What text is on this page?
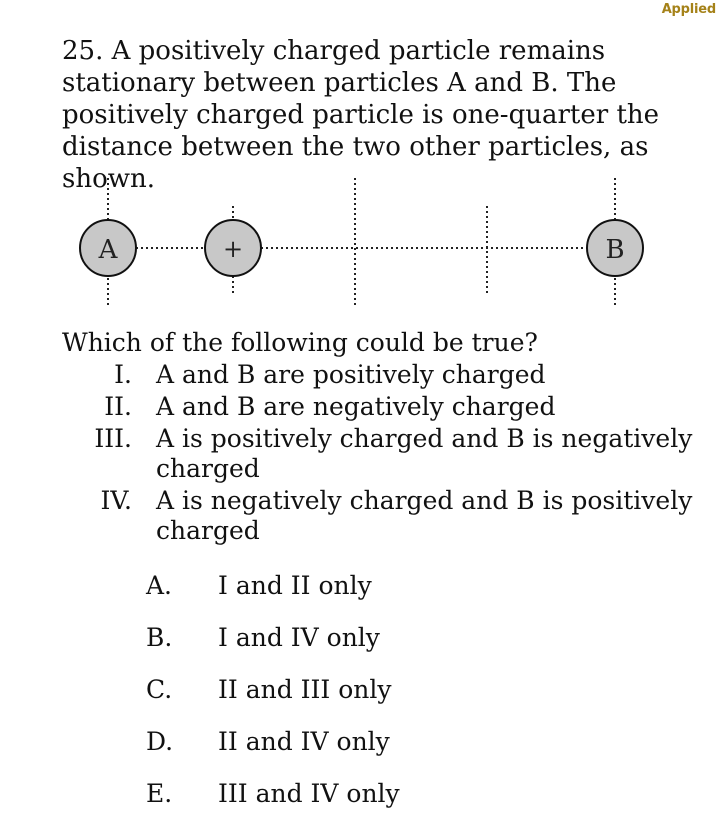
Applied
25. A positively charged particle remains stationary between particles A and B. The positively charged particle is one-quarter the distance between the two other particles, as shown.
A	+	B
Which of the following could be true?
I. A and B are positively charged
II. A and B are negatively charged
III. A is positively charged and B is negatively charged
IV. A is negatively charged and B is positively charged
A.	I and II only
B.	I and IV only
C.	II and III only
D.	II and IV only
E.	III and IV only
